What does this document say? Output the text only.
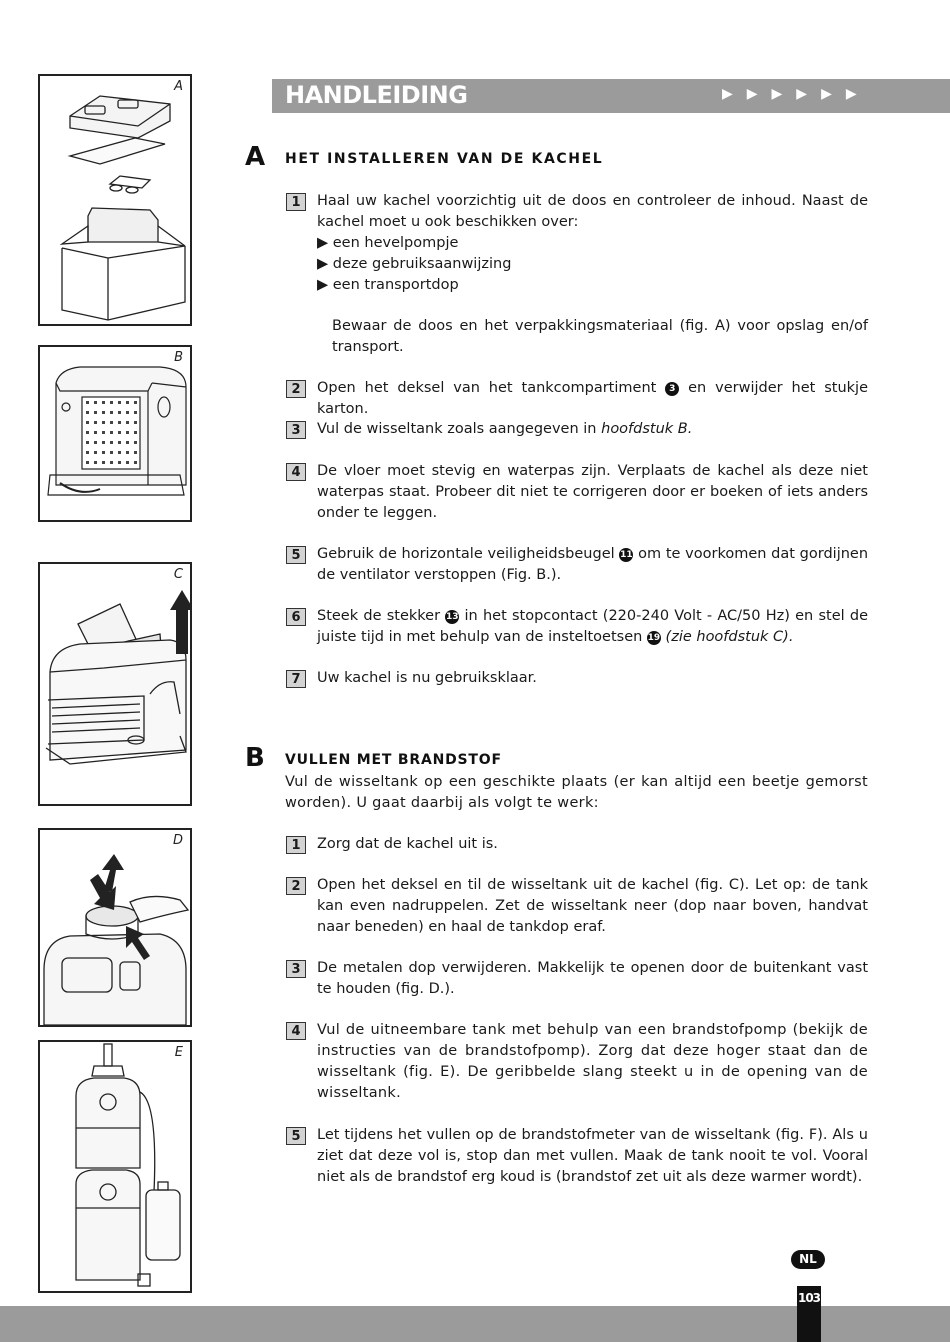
A
B
C
D
E
HANDLEIDING	▶▶▶▶▶▶
A HET INSTALLEREN VAN DE KACHEL
1	Haal uw kachel voorzichtig uit de doos en controleer de inhoud. Naast de kachel moet u ook beschikken over:

▶ een hevelpompje

▶ deze gebruiksaanwijzing

▶ een transportdop

Bewaar de doos en het verpakkingsmateriaal (fig. A) voor opslag en/of transport.
2	Open het deksel van het tankcompartiment 3 en verwijder het stukje karton.
3	Vul de wisseltank zoals aangegeven in hoofdstuk B.
4	De vloer moet stevig en waterpas zijn. Verplaats de kachel als deze niet waterpas staat. Probeer dit niet te corrigeren door er boeken of iets anders onder te leggen.
5	Gebruik de horizontale veiligheidsbeugel 11 om te voorkomen dat gordijnen de ventilator verstoppen (Fig. B.).
6	Steek de stekker 13 in het stopcontact (220-240 Volt - AC/50 Hz) en stel de juiste tijd in met behulp van de insteltoetsen 19 (zie hoofdstuk C).
7	Uw kachel is nu gebruiksklaar.
B VULLEN MET BRANDSTOF
Vul de wisseltank op een geschikte plaats (er kan altijd een beetje gemorst worden). U gaat daarbij als volgt te werk:
1	Zorg dat de kachel uit is.
2	Open het deksel en til de wisseltank uit de kachel (fig. C). Let op: de tank kan even nadruppelen. Zet de wisseltank neer (dop naar boven, handvat naar beneden) en haal de tankdop eraf.
3	De metalen dop verwijderen. Makkelijk te openen door de buitenkant vast te houden (fig. D.).
4	Vul de uitneembare tank met behulp van een brandstofpomp (bekijk de instructies van de brandstofpomp). Zorg dat deze hoger staat dan de wisseltank (fig. E). De geribbelde slang steekt u in de opening van de wisseltank.
5	Let tijdens het vullen op de brandstofmeter van de wisseltank (fig. F). Als u ziet dat deze vol is, stop dan met vullen. Maak de tank nooit te vol. Vooral niet als de brandstof erg koud is (brandstof zet uit als deze warmer wordt).
NL
103
